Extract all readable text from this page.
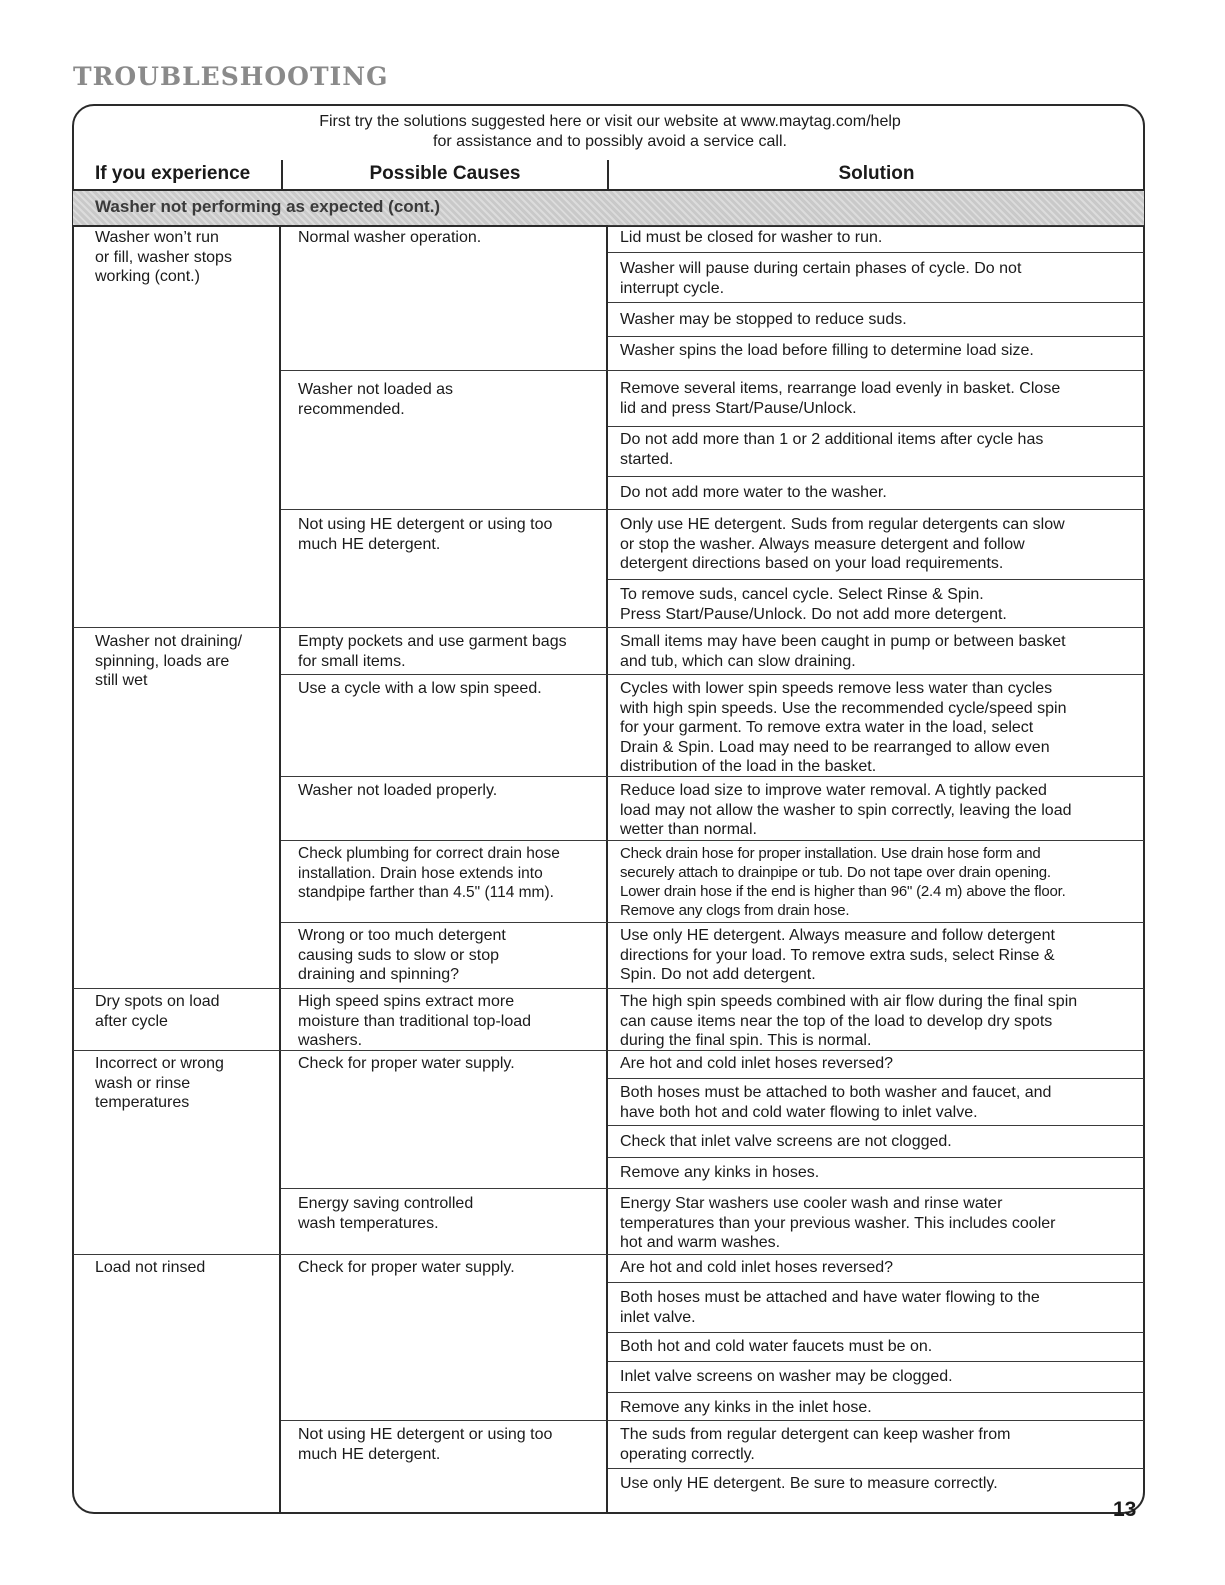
TROUBLESHOOTING
First try the solutions suggested here or visit our website at www.maytag.com/help
for assistance and to possibly avoid a service call.
If you experience	Possible Causes	Solution
Washer not performing as expected (cont.)
Washer won’t run
or fill, washer stops
working (cont.)
Washer not draining/
spinning, loads are
still wet
Dry spots on load
after cycle
Incorrect or wrong
wash or rinse
temperatures
Load not rinsed
Normal washer operation.
Washer not loaded as
recommended.
Not using HE detergent or using too
much HE detergent.
Empty pockets and use garment bags
for small items.
Use a cycle with a low spin speed.
Washer not loaded properly.
Check plumbing for correct drain hose
installation. Drain hose extends into
standpipe farther than 4.5" (114 mm).
Wrong or too much detergent
causing suds to slow or stop
draining and spinning?
High speed spins extract more
moisture than traditional top-load
washers.
Check for proper water supply.
Energy saving controlled
wash temperatures.
Check for proper water supply.
Not using HE detergent or using too
much HE detergent.
Lid must be closed for washer to run.
Washer will pause during certain phases of cycle. Do not
interrupt cycle.
Washer may be stopped to reduce suds.
Washer spins the load before filling to determine load size.
Remove several items, rearrange load evenly in basket. Close
lid and press Start/Pause/Unlock.
Do not add more than 1 or 2 additional items after cycle has
started.
Do not add more water to the washer.
Only use HE detergent. Suds from regular detergents can slow
or stop the washer. Always measure detergent and follow
detergent directions based on your load requirements.
To remove suds, cancel cycle. Select Rinse & Spin.
Press Start/Pause/Unlock. Do not add more detergent.
Small items may have been caught in pump or between basket
and tub, which can slow draining.
Cycles with lower spin speeds remove less water than cycles
with high spin speeds. Use the recommended cycle/speed spin
for your garment. To remove extra water in the load, select
Drain & Spin. Load may need to be rearranged to allow even
distribution of the load in the basket.
Reduce load size to improve water removal. A tightly packed
load may not allow the washer to spin correctly, leaving the load
wetter than normal.
Check drain hose for proper installation. Use drain hose form and
securely attach to drainpipe or tub. Do not tape over drain opening.
Lower drain hose if the end is higher than 96" (2.4 m) above the floor.
Remove any clogs from drain hose.
Use only HE detergent. Always measure and follow detergent
directions for your load. To remove extra suds, select Rinse &
Spin. Do not add detergent.
The high spin speeds combined with air flow during the final spin
can cause items near the top of the load to develop dry spots
during the final spin. This is normal.
Are hot and cold inlet hoses reversed?
Both hoses must be attached to both washer and faucet, and
have both hot and cold water flowing to inlet valve.
Check that inlet valve screens are not clogged.
Remove any kinks in hoses.
Energy Star washers use cooler wash and rinse water
temperatures than your previous washer. This includes cooler
hot and warm washes.
Are hot and cold inlet hoses reversed?
Both hoses must be attached and have water flowing to the
inlet valve.
Both hot and cold water faucets must be on.
Inlet valve screens on washer may be clogged.
Remove any kinks in the inlet hose.
The suds from regular detergent can keep washer from
operating correctly.
Use only HE detergent. Be sure to measure correctly.
13
